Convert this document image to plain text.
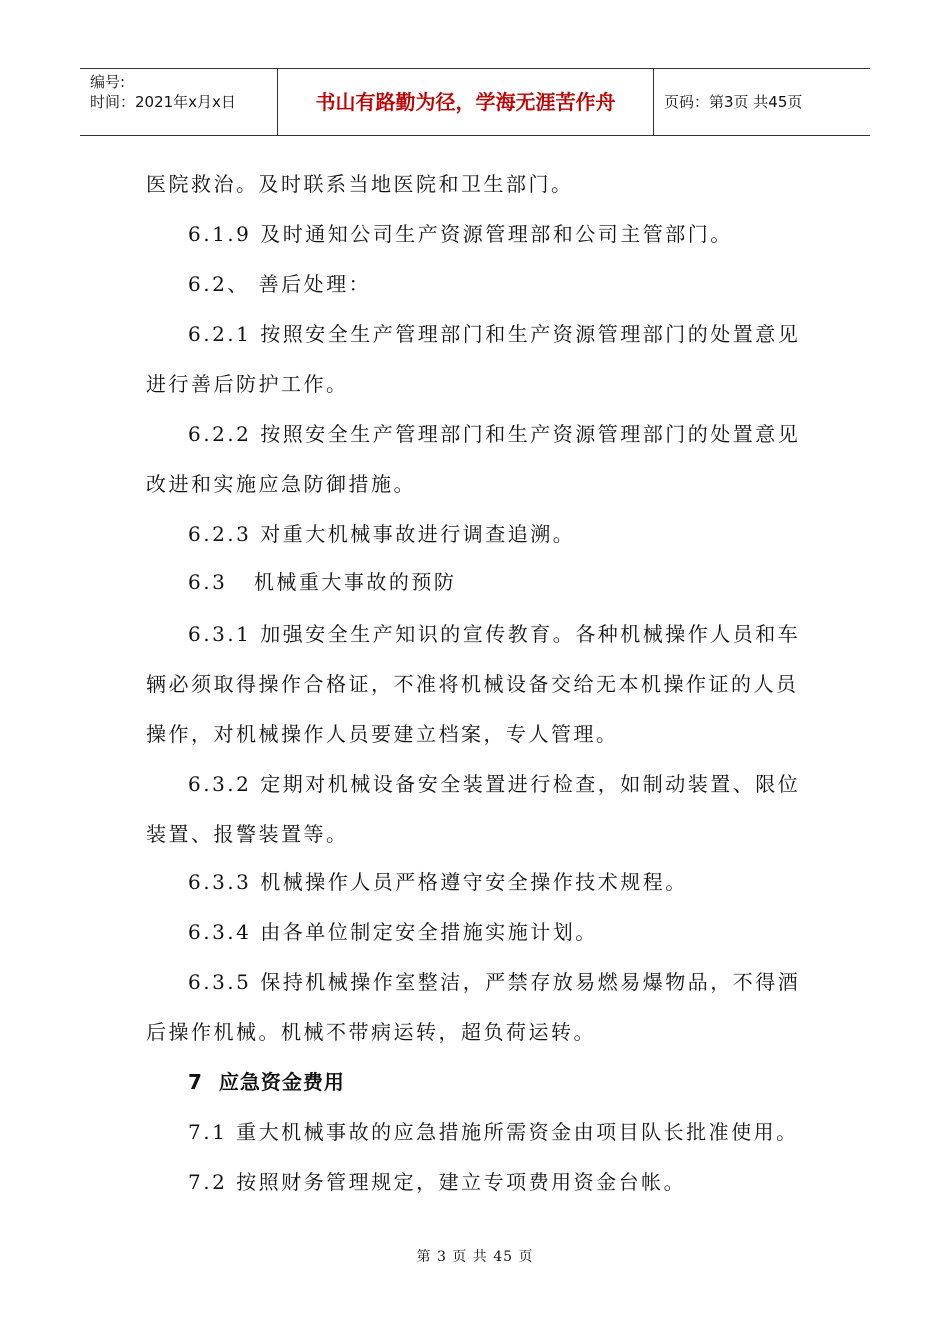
编号:
时间：2021年x月x日	书山有路勤为径，学海无涯苦作舟	页码：第3页 共45页

医院救治。及时联系当地医院和卫生部门。

6.1.9 及时通知公司生产资源管理部和公司主管部门。

6.2、 善后处理：

6.2.1 按照安全生产管理部门和生产资源管理部门的处置意见

进行善后防护工作。

6.2.2 按照安全生产管理部门和生产资源管理部门的处置意见

改进和实施应急防御措施。

6.2.3 对重大机械事故进行调查追溯。

6.3   机械重大事故的预防

6.3.1 加强安全生产知识的宣传教育。各种机械操作人员和车

辆必须取得操作合格证，不准将机械设备交给无本机操作证的人员

操作，对机械操作人员要建立档案，专人管理。

6.3.2 定期对机械设备安全装置进行检查，如制动装置、限位

装置、报警装置等。

6.3.3 机械操作人员严格遵守安全操作技术规程。

6.3.4 由各单位制定安全措施实施计划。

6.3.5 保持机械操作室整洁，严禁存放易燃易爆物品，不得酒

后操作机械。机械不带病运转，超负荷运转。

7  应急资金费用

7.1 重大机械事故的应急措施所需资金由项目队长批准使用。

7.2 按照财务管理规定，建立专项费用资金台帐。

第 3 页 共 45 页
